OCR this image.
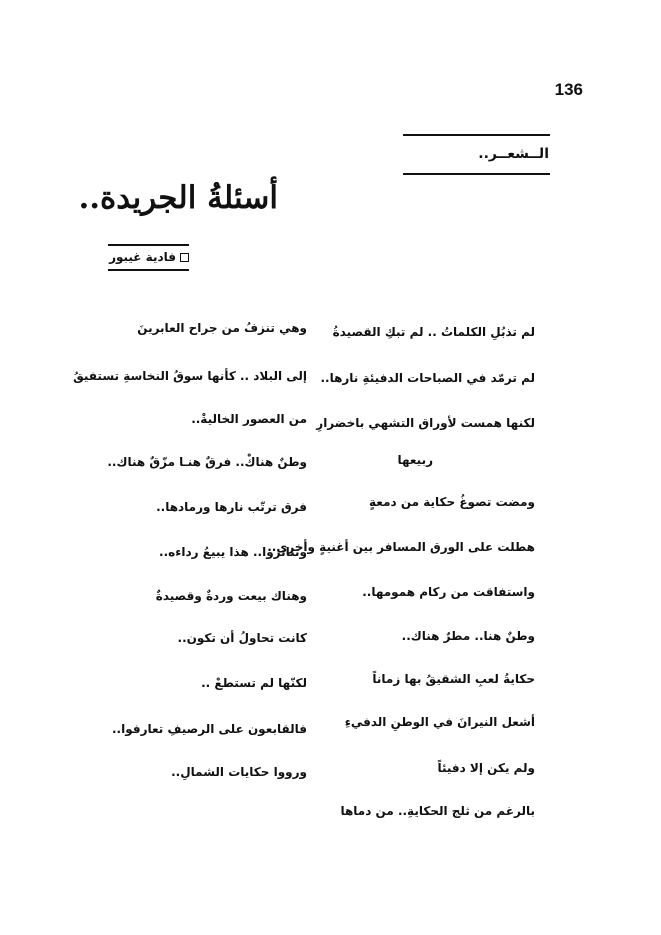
136
الــشعــر..
أسئلةُ الجريدة..
فادية غيبور
لم تذبُلِ الكلماتُ .. لم تبكِ القصيدةُ
لم ترمّد في الصباحات الدفيئةِ نارها..
لكنها همست لأوراق التشهي باخضرارِ
ربيعها
ومضت تصوغُ حكاية من دمعةٍ
هطلت على الورق المسافر بين أغنيةٍ وأخرى..
واستفاقت من ركام همومها..
وطنٌ هنا.. مطرٌ هناك..
حكايةُ لعبِ الشقيقُ بها زماناً
أشعل النيرانَ في الوطنِ الدفيءِ
ولم يكن إلا دفيئاً
بالرغم من ثلج الحكايةِ.. من دماها
وهي تنزفُ من جراح العابرينَ
إلى البلاد .. كأنها سوقُ النخاسةِ تستفيقُ
من العصور الخاليةْ..
وطنٌ هناكْ.. فرقٌ هنـا مزّقٌ هناك..
فرق ترتّب نارها ورمادها..
وتثاثروا.. هذا يبيعُ رداءه..
وهناك بيعت وردةٌ وقصيدةٌ
كانت تحاولُ أن تكون..
لكنّها لم تستطعْ ..
فالقابعون على الرصيفِ تعارفوا..
ورووا حكايات الشمالِ..
